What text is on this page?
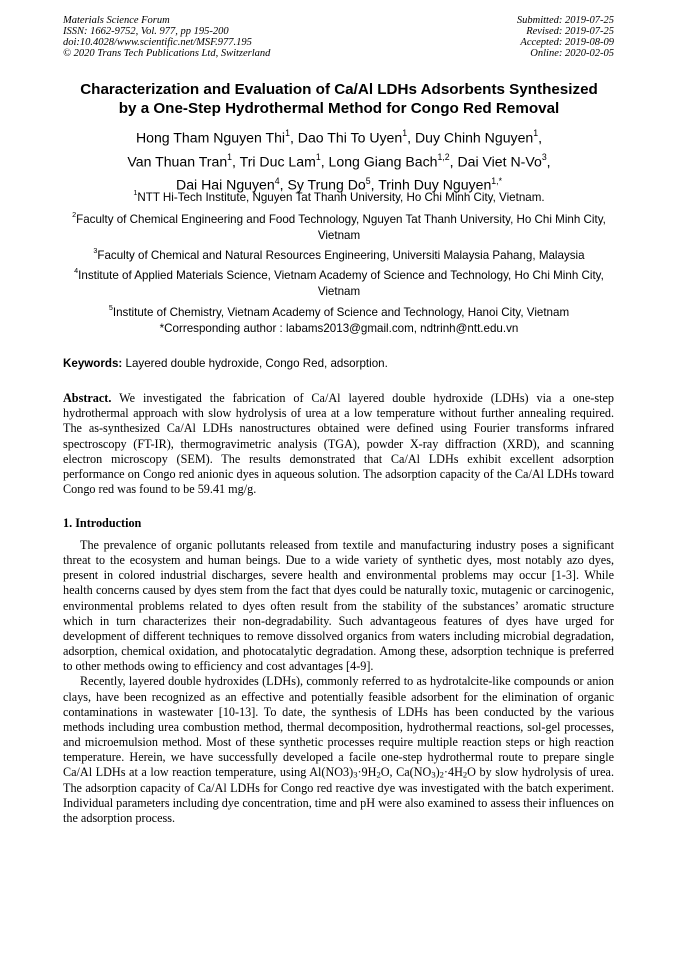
Materials Science Forum
ISSN: 1662-9752, Vol. 977, pp 195-200
doi:10.4028/www.scientific.net/MSF.977.195
© 2020 Trans Tech Publications Ltd, Switzerland
Submitted: 2019-07-25
Revised: 2019-07-25
Accepted: 2019-08-09
Online: 2020-02-05
Characterization and Evaluation of Ca/Al LDHs Adsorbents Synthesized
by a One-Step Hydrothermal Method for Congo Red Removal
Hong Tham Nguyen Thi$^1$, Dao Thi To Uyen$^1$, Duy Chinh Nguyen$^1$,
Van Thuan Tran$^1$, Tri Duc Lam$^1$, Long Giang Bach$^{1,2}$, Dai Viet N-Vo$^3$,
Dai Hai Nguyen$^4$, Sy Trung Do$^5$, Trinh Duy Nguyen$^{1,*}$
$^1$NTT Hi-Tech Institute, Nguyen Tat Thanh University, Ho Chi Minh City, Vietnam.
$^2$Faculty of Chemical Engineering and Food Technology, Nguyen Tat Thanh University, Ho Chi Minh City, Vietnam
$^3$Faculty of Chemical and Natural Resources Engineering, Universiti Malaysia Pahang, Malaysia
$^4$Institute of Applied Materials Science, Vietnam Academy of Science and Technology, Ho Chi Minh City, Vietnam
$^5$Institute of Chemistry, Vietnam Academy of Science and Technology, Hanoi City, Vietnam
*Corresponding author : labams2013@gmail.com, ndtrinh@ntt.edu.vn
Keywords: Layered double hydroxide, Congo Red, adsorption.
Abstract. We investigated the fabrication of Ca/Al layered double hydroxide (LDHs) via a one-step hydrothermal approach with slow hydrolysis of urea at a low temperature without further annealing required. The as-synthesized Ca/Al LDHs nanostructures obtained were defined using Fourier transforms infrared spectroscopy (FT-IR), thermogravimetric analysis (TGA), powder X-ray diffraction (XRD), and scanning electron microscopy (SEM). The results demonstrated that Ca/Al LDHs exhibit excellent adsorption performance on Congo red anionic dyes in aqueous solution. The adsorption capacity of the Ca/Al LDHs toward Congo red was found to be 59.41 mg/g.
1. Introduction

The prevalence of organic pollutants released from textile and manufacturing industry poses a significant threat to the ecosystem and human beings. Due to a wide variety of synthetic dyes, most notably azo dyes, present in colored industrial discharges, severe health and environmental problems may occur [1-3]. While health concerns caused by dyes stem from the fact that dyes could be naturally toxic, mutagenic or carcinogenic, environmental problems related to dyes often result from the stability of the substances’ aromatic structure which in turn characterizes their non-degradability. Such advantageous features of dyes have urged for development of different techniques to remove dissolved organics from waters including microbial degradation, adsorption, chemical oxidation, and photocatalytic degradation. Among these, adsorption technique is preferred to other methods owing to efficiency and cost advantages [4-9].

Recently, layered double hydroxides (LDHs), commonly referred to as hydrotalcite-like compounds or anion clays, have been recognized as an effective and potentially feasible adsorbent for the elimination of organic contaminations in wastewater [10-13]. To date, the synthesis of LDHs has been conducted by the various methods including urea combustion method, thermal decomposition, hydrothermal reactions, sol-gel processes, and microemulsion method. Most of these synthetic processes require multiple reaction steps or high reaction temperature. Herein, we have successfully developed a facile one-step hydrothermal route to prepare single Ca/Al LDHs at a low reaction temperature, using $Al(NO3)_3\cdot 9H_2O$, $Ca(NO_3)_2\cdot 4H_2O$ by slow hydrolysis of urea. The adsorption capacity of Ca/Al LDHs for Congo red reactive dye was investigated with the batch experiment. Individual parameters including dye concentration, time and pH were also examined to assess their influences on the adsorption process.
